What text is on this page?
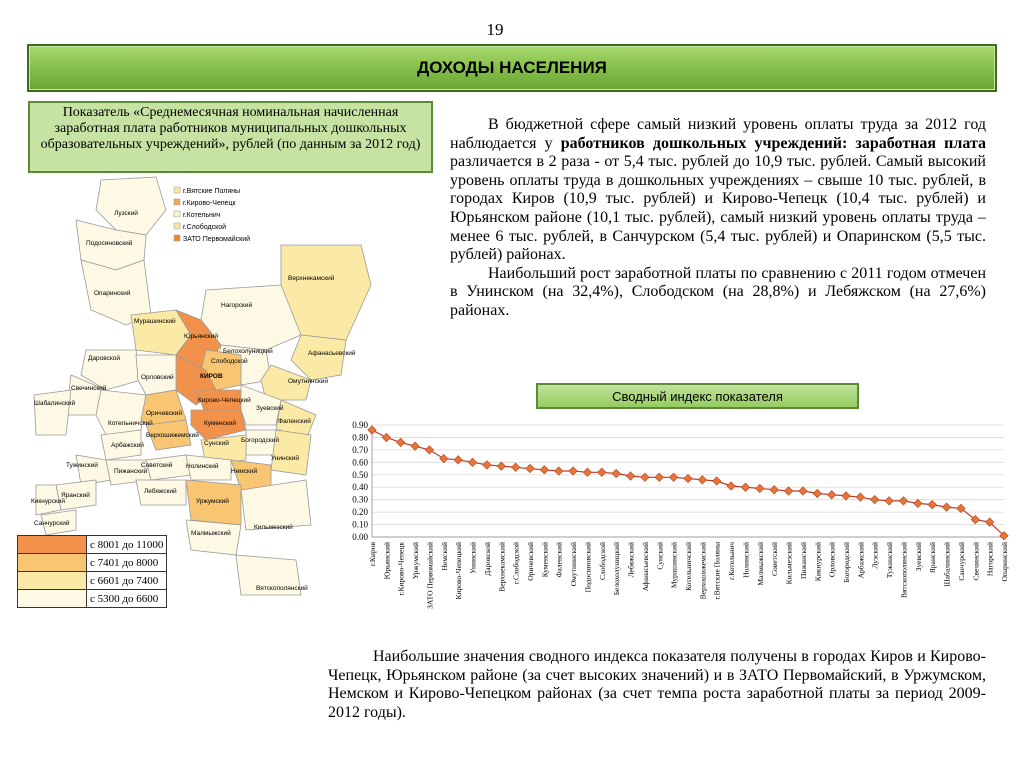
19
ДОХОДЫ НАСЕЛЕНИЯ
Показатель «Среднемесячная номинальная начисленная заработная плата работников муниципальных дошкольных образовательных учреждений», рублей (по данным за 2012 год)
г.Вятские Поляны
г.Кирово-Чепецк
г.Котельнич
г.Слободской
ЗАТО Первомайский
Лузский
Подосиновский
Опаринский
Верхнекамский
Нагорский
Мурашинский
Юрьянский
Белохолуницкий	Афанасьевский
Слободской
КИРОВ
Омутнинский
Даровской
Орловский
Свечинский
Шабалинский
Котельничский
Оричевский
Кирово-Чепецкий
Зуевский
Верхошижемский
Куменский	Фаленский
Арбажский
Богородский
Сунский
Унинский
Тужинский
Пижанский
Советский Нолинский
Немский
Яранский
Кикнурский
Санчурский
Лебяжский
Уржумский
Кильмезский
Малмыжский
Вятскополянский
	с 8001 до 11000
	с 7401 до 8000
	с 6601 до 7400
	с 5300 до 6600

В бюджетной сфере самый низкий уровень оплаты труда за 2012 год наблюдается у работников дошкольных учреждений: заработная плата различается в 2 раза - от 5,4 тыс. рублей до 10,9 тыс. рублей. Самый высокий уровень оплаты труда в дошкольных учреждениях – свыше 10 тыс. рублей, в городах Киров (10,9 тыс. рублей) и Кирово-Чепецк (10,4 тыс. рублей) и Юрьянском районе (10,1 тыс. рублей), самый низкий уровень оплаты труда – менее 6 тыс. рублей, в Санчурском (5,4 тыс. рублей) и Опаринском (5,5 тыс. рублей) районах.

Наибольший рост заработной платы по сравнению с 2011 годом отмечен в Унинском (на 32,4%), Слободском (на 28,8%) и Лебяжском (на 27,6%) районах.

Сводный индекс показателя
0.00
0.10
0.20
0.30
0.40
0.50
0.60
0.70
0.80
0.90
г.Киров Юрьянский г.Кирово-Чепецк Уржумский ЗАТО Первомайский Немский Кирово-Чепецкий Унинский Даровской Верхнекамский г.Слободской Оричевский Куменский Фаленский Омутнинский Подосиновский Слободской Белохолуницкий Лебяжский Афанасьевский Сунский Мурашинский Котельничский Верхошижемский г.Вятские Поляны г.Котельнич Нолинский Малмыжский Советский Кильмезский Пижанский Кикнурский Орловский Богородский Арбажский Лузский Тужинский Вятскополянский Зуевский Яранский Шабалинский Санчурский Свечинский Нагорский Опаринский

Наибольшие значения сводного индекса показателя получены в городах Киров и Кирово-Чепецк, Юрьянском районе (за счет высоких значений) и в ЗАТО Первомайский, в Уржумском, Немском и Кирово-Чепецком районах (за счет темпа роста заработной платы за период 2009-2012 годы).
